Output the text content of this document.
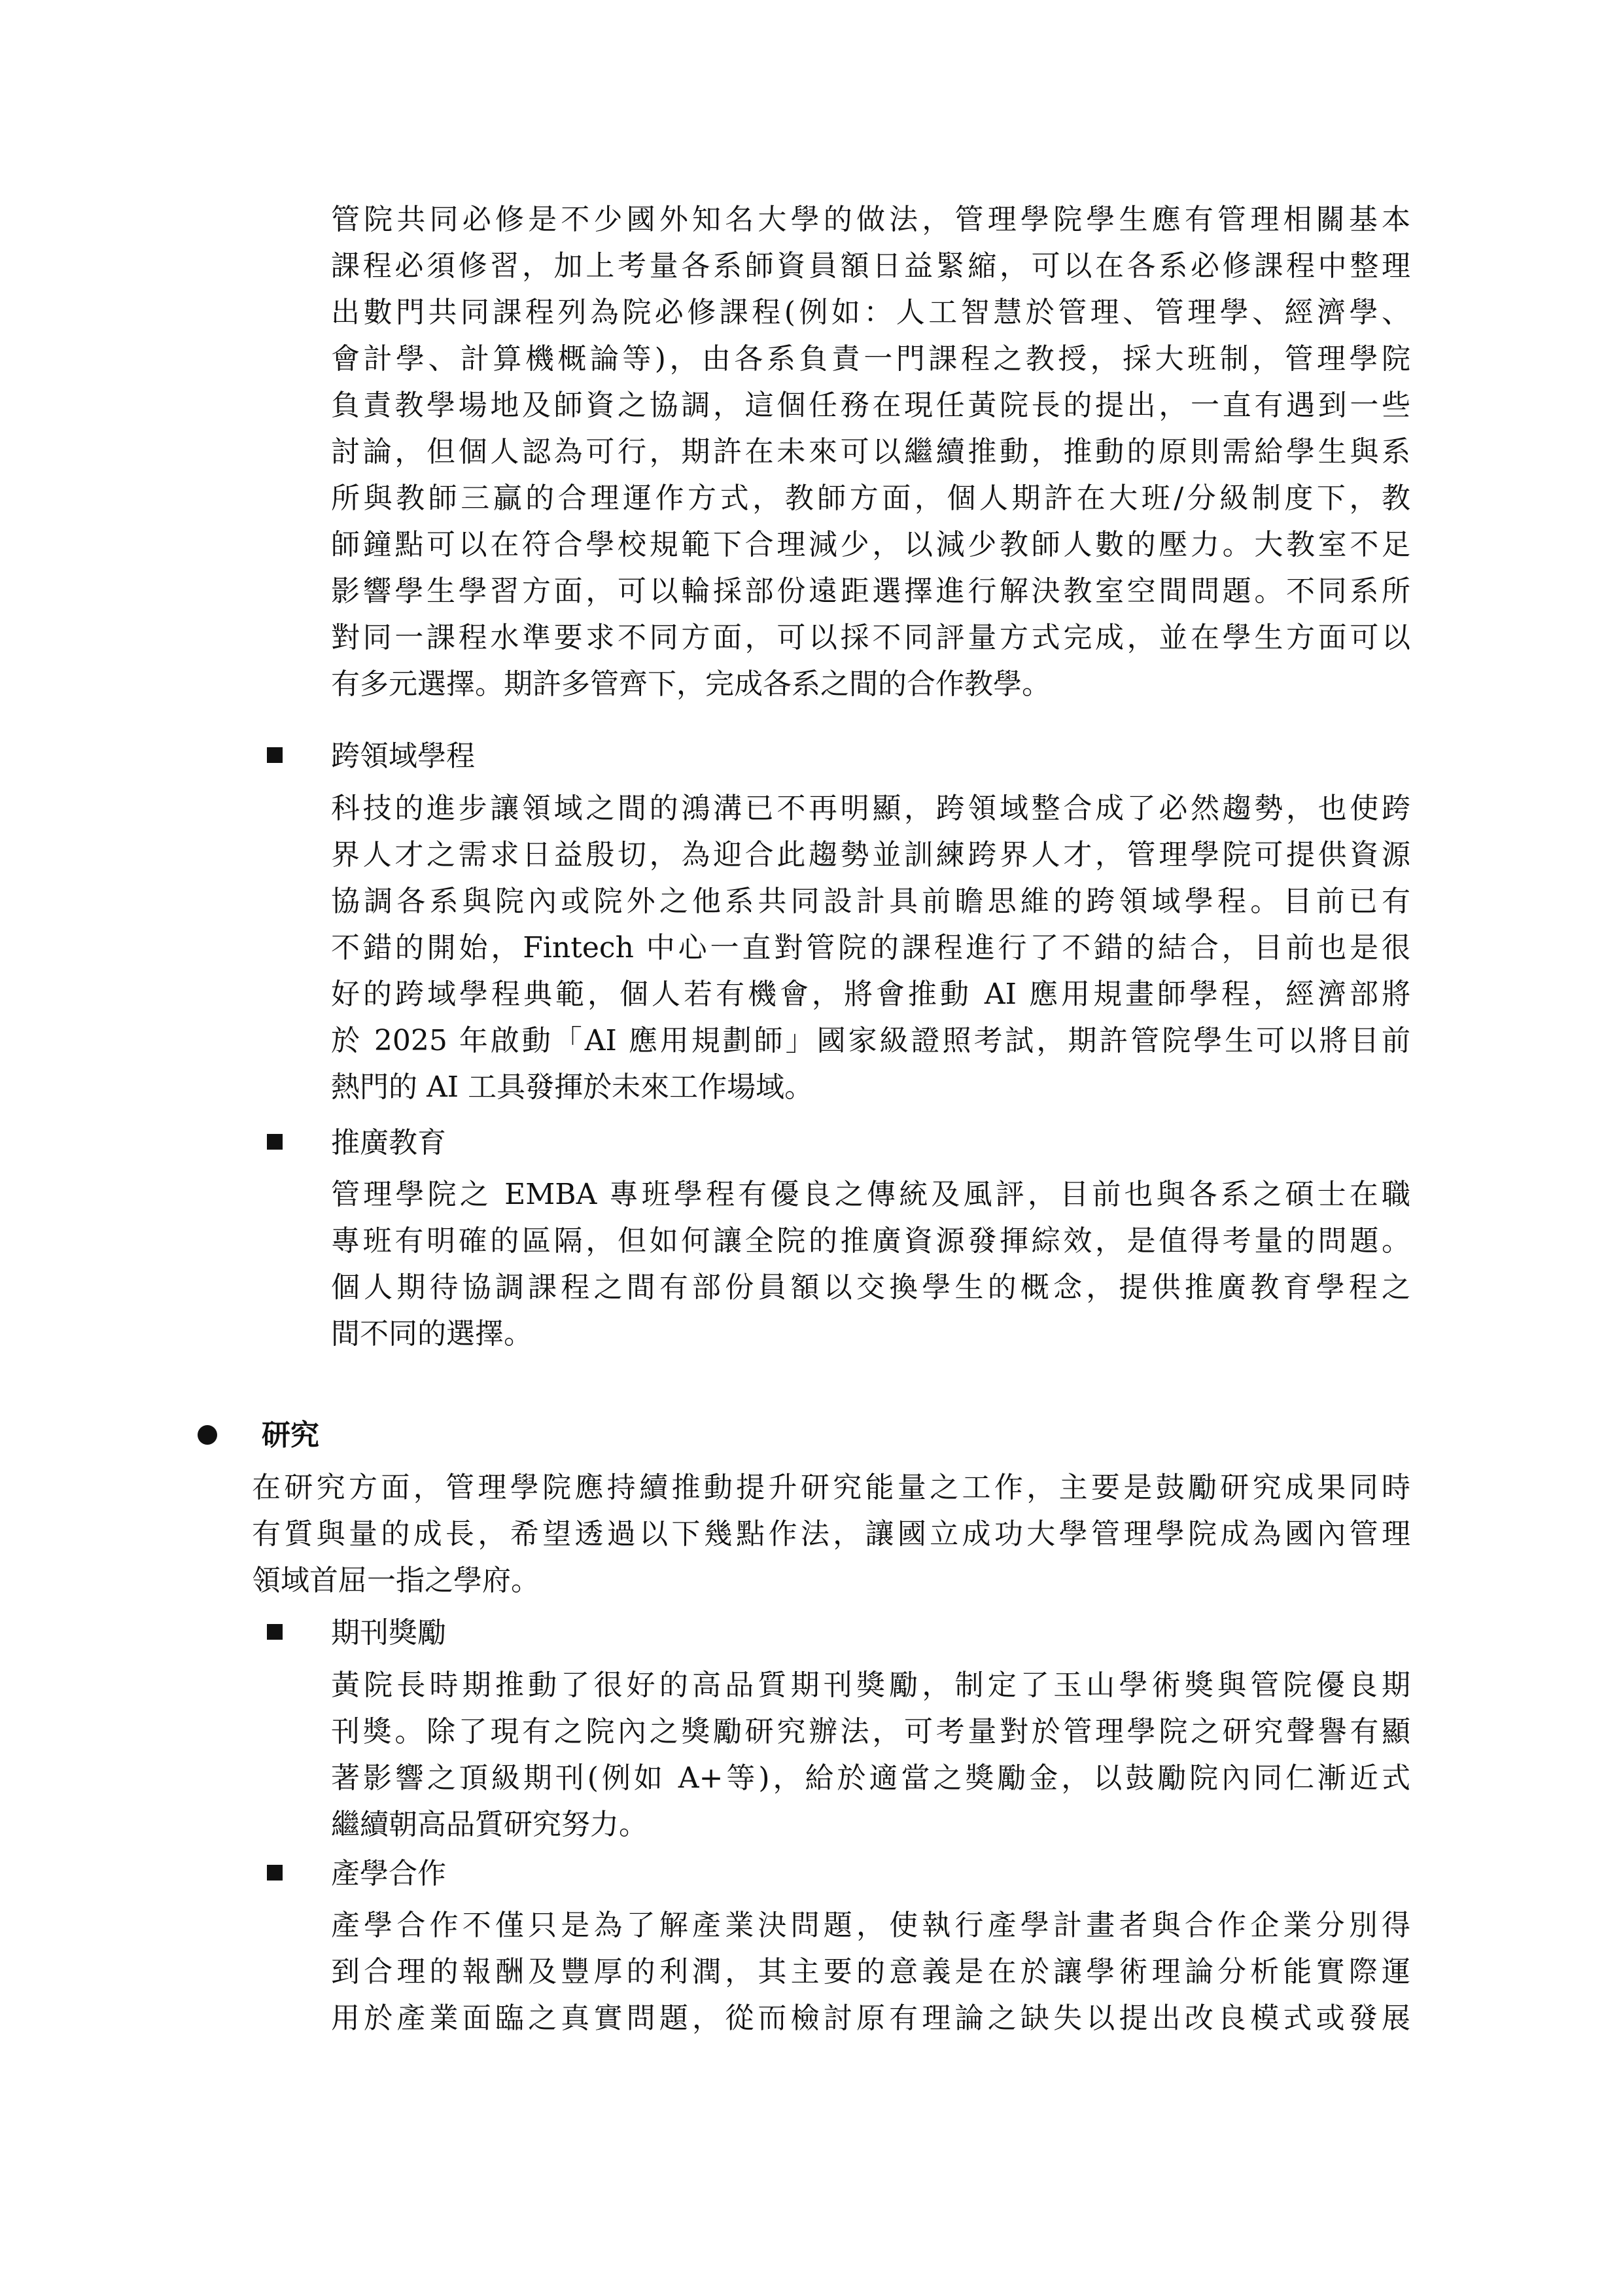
管院共同必修是不少國外知名大學的做法，管理學院學生應有管理相關基本
課程必須修習，加上考量各系師資員額日益緊縮，可以在各系必修課程中整理
出數門共同課程列為院必修課程(例如：人工智慧於管理、管理學、經濟學、
會計學、計算機概論等)，由各系負責一門課程之教授，採大班制，管理學院
負責教學場地及師資之協調，這個任務在現任黃院長的提出，一直有遇到一些
討論，但個人認為可行，期許在未來可以繼續推動，推動的原則需給學生與系
所與教師三贏的合理運作方式，教師方面，個人期許在大班/分級制度下，教
師鐘點可以在符合學校規範下合理減少，以減少教師人數的壓力。大教室不足
影響學生學習方面，可以輪採部份遠距選擇進行解決教室空間問題。不同系所
對同一課程水準要求不同方面，可以採不同評量方式完成，並在學生方面可以
有多元選擇。期許多管齊下，完成各系之間的合作教學。
跨領域學程
科技的進步讓領域之間的鴻溝已不再明顯，跨領域整合成了必然趨勢，也使跨
界人才之需求日益殷切，為迎合此趨勢並訓練跨界人才，管理學院可提供資源
協調各系與院內或院外之他系共同設計具前瞻思維的跨領域學程。目前已有
不錯的開始，Fintech 中心一直對管院的課程進行了不錯的結合，目前也是很
好的跨域學程典範，個人若有機會，將會推動 AI 應用規畫師學程，經濟部將
於 2025 年啟動「AI 應用規劃師」國家級證照考試，期許管院學生可以將目前
熱門的 AI 工具發揮於未來工作場域。
推廣教育
管理學院之 EMBA 專班學程有優良之傳統及風評，目前也與各系之碩士在職
專班有明確的區隔，但如何讓全院的推廣資源發揮綜效，是值得考量的問題。
個人期待協調課程之間有部份員額以交換學生的概念，提供推廣教育學程之
間不同的選擇。
研究
在研究方面，管理學院應持續推動提升研究能量之工作，主要是鼓勵研究成果同時
有質與量的成長，希望透過以下幾點作法，讓國立成功大學管理學院成為國內管理
領域首屈一指之學府。
期刊獎勵
黃院長時期推動了很好的高品質期刊獎勵，制定了玉山學術獎與管院優良期
刊獎。除了現有之院內之獎勵研究辦法，可考量對於管理學院之研究聲譽有顯
著影響之頂級期刊(例如 A+等)，給於適當之獎勵金，以鼓勵院內同仁漸近式
繼續朝高品質研究努力。
產學合作
產學合作不僅只是為了解產業決問題，使執行產學計畫者與合作企業分別得
到合理的報酬及豐厚的利潤，其主要的意義是在於讓學術理論分析能實際運
用於產業面臨之真實問題，從而檢討原有理論之缺失以提出改良模式或發展
